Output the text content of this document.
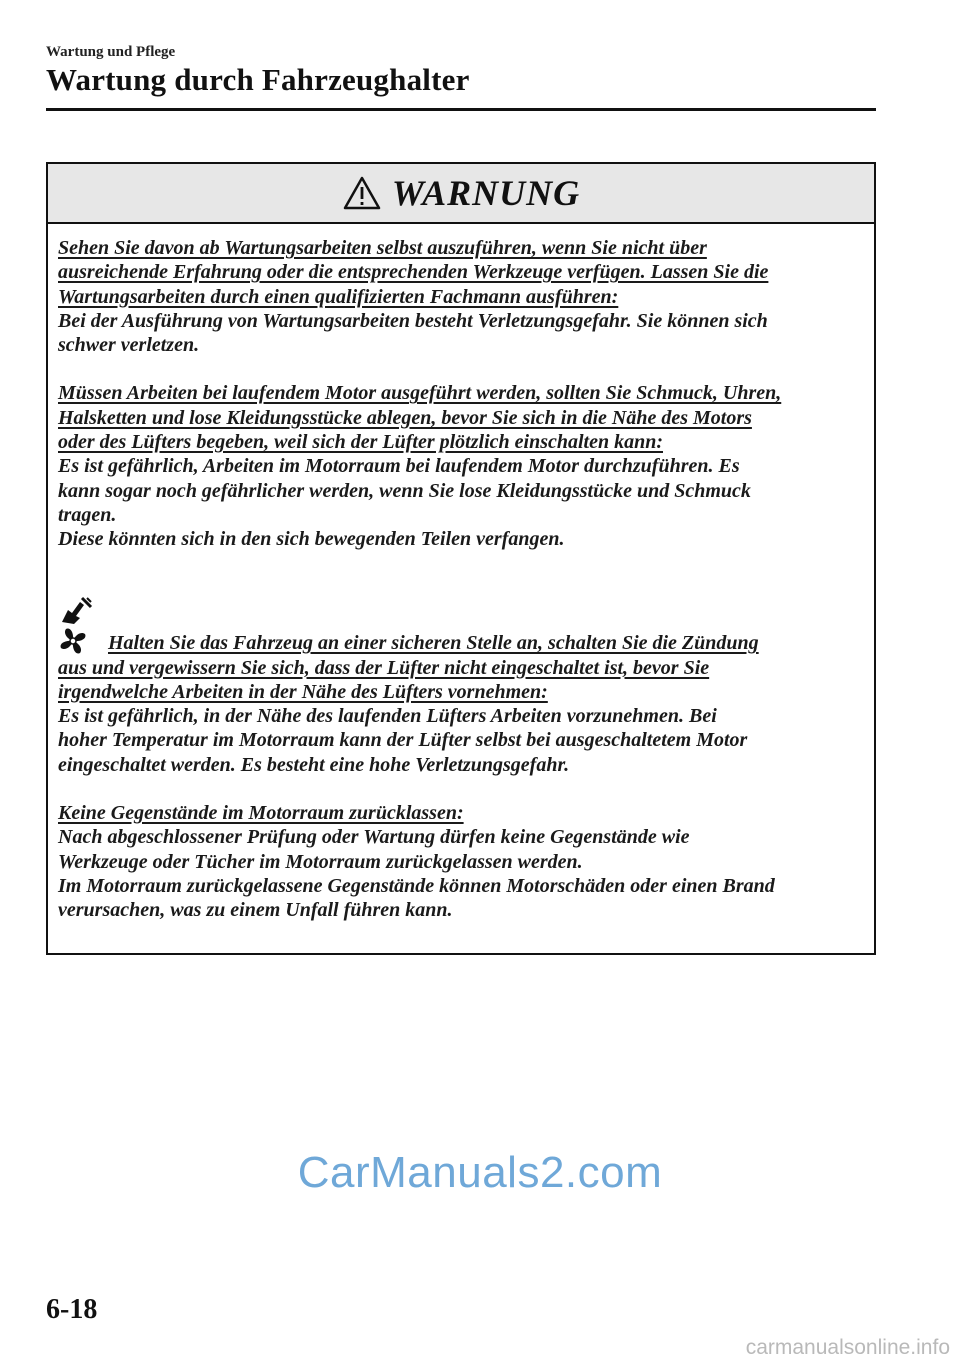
Wartung und Pflege
Wartung durch Fahrzeughalter
WARNUNG
Sehen Sie davon ab Wartungsarbeiten selbst auszuführen, wenn Sie nicht über
ausreichende Erfahrung oder die entsprechenden Werkzeuge verfügen. Lassen Sie die
Wartungsarbeiten durch einen qualifizierten Fachmann ausführen:
Bei der Ausführung von Wartungsarbeiten besteht Verletzungsgefahr. Sie können sich
schwer verletzen.
Müssen Arbeiten bei laufendem Motor ausgeführt werden, sollten Sie Schmuck, Uhren,
Halsketten und lose Kleidungsstücke ablegen, bevor Sie sich in die Nähe des Motors
oder des Lüfters begeben, weil sich der Lüfter plötzlich einschalten kann:
Es ist gefährlich, Arbeiten im Motorraum bei laufendem Motor durchzuführen. Es
kann sogar noch gefährlicher werden, wenn Sie lose Kleidungsstücke und Schmuck
tragen.
Diese könnten sich in den sich bewegenden Teilen verfangen.
Halten Sie das Fahrzeug an einer sicheren Stelle an, schalten Sie die Zündung
aus und vergewissern Sie sich, dass der Lüfter nicht eingeschaltet ist, bevor Sie
irgendwelche Arbeiten in der Nähe des Lüfters vornehmen:
Es ist gefährlich, in der Nähe des laufenden Lüfters Arbeiten vorzunehmen. Bei
hoher Temperatur im Motorraum kann der Lüfter selbst bei ausgeschaltetem Motor
eingeschaltet werden. Es besteht eine hohe Verletzungsgefahr.
Keine Gegenstände im Motorraum zurücklassen:
Nach abgeschlossener Prüfung oder Wartung dürfen keine Gegenstände wie
Werkzeuge oder Tücher im Motorraum zurückgelassen werden.
Im Motorraum zurückgelassene Gegenstände können Motorschäden oder einen Brand
verursachen, was zu einem Unfall führen kann.
CarManuals2.com
6-18
carmanualsonline.info
